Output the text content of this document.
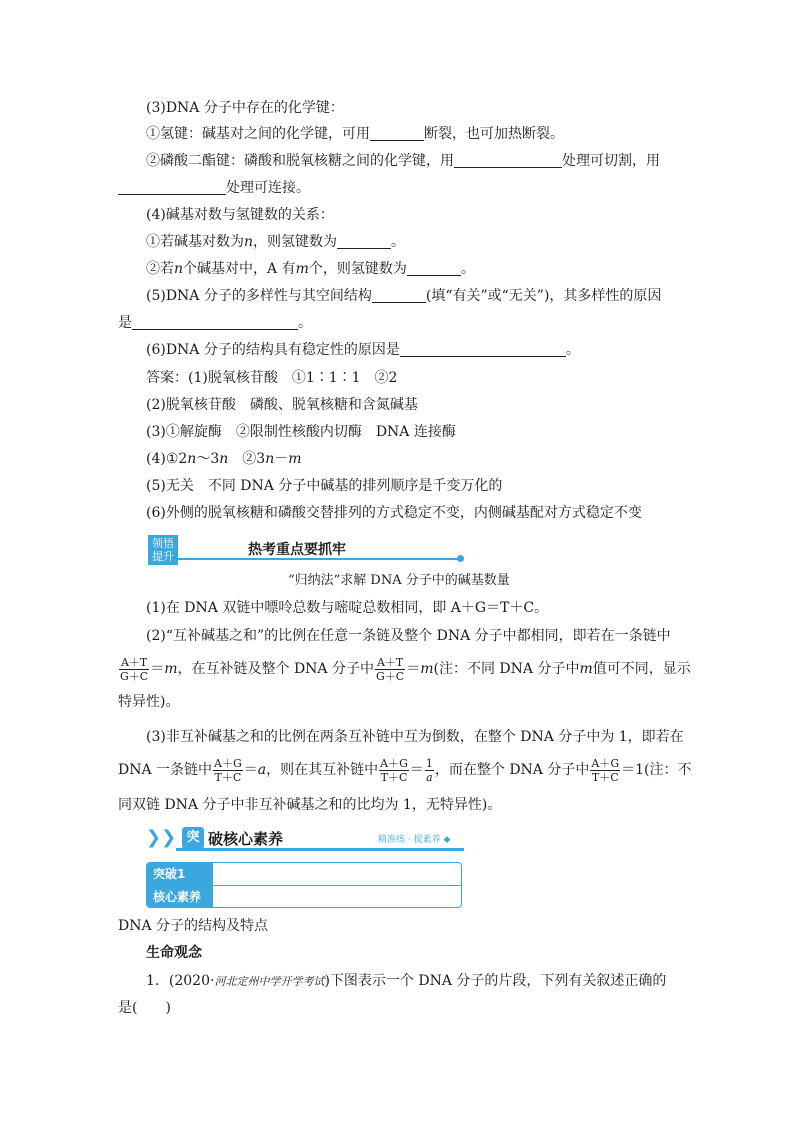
(3)DNA 分子中存在的化学键：
①氢键：碱基对之间的化学键，可用	断裂，也可加热断裂。
②磷酸二酯键：磷酸和脱氧核糖之间的化学键，用	处理可切割，用
处理可连接。
(4)碱基对数与氢键数的关系：
①若碱基对数为n，则氢键数为	。
②若n个碱基对中，A 有m个，则氢键数为	。
(5)DNA 分子的多样性与其空间结构	(填“有关”或“无关”)，其多样性的原因
是	。
(6)DNA 分子的结构具有稳定性的原因是	。
答案：(1)脱氧核苷酸　①1∶1∶1　②2
(2)脱氧核苷酸　磷酸、脱氧核糖和含氮碱基
(3)①解旋酶　②限制性核酸内切酶　DNA 连接酶
(4)①2n～3n　②3n－m
(5)无关　不同 DNA 分子中碱基的排列顺序是千变万化的
(6)外侧的脱氧核糖和磷酸交替排列的方式稳定不变，内侧碱基配对方式稳定不变
领悟
提升	热考重点要抓牢
“归纳法”求解 DNA 分子中的碱基数量
(1)在 DNA 双链中嘌呤总数与嘧啶总数相同，即 A＋G＝T＋C。
(2)“互补碱基之和”的比例在任意一条链及整个 DNA 分子中都相同，即若在一条链中
$\frac{A+T}{G+C} =m$，在互补链及整个 DNA 分子中 $\frac{A+T}{G+C} =m$(注：不同 DNA 分子中m值可不同，显示
特异性)。
(3)非互补碱基之和的比例在两条互补链中互为倒数，在整个 DNA 分子中为 1，即若在
DNA 一条链中 $\frac{A+G}{T+C} =a$，则在其互补链中 $\frac{A+G}{T+C} = \frac{1}{a}$ ，而在整个 DNA 分子中 $\frac{A+G}{T+C} =1$(注：不
同双链 DNA 分子中非互补碱基之和的比均为 1，无特异性)。
❯❯ 突 破核心素养	精准练 · 提素养 ◆
突破1
核心素养
DNA 分子的结构及特点
生命观念
1．(2020·河北定州中学开学考试)下图表示一个 DNA 分子的片段，下列有关叙述正确的
是(　　)
